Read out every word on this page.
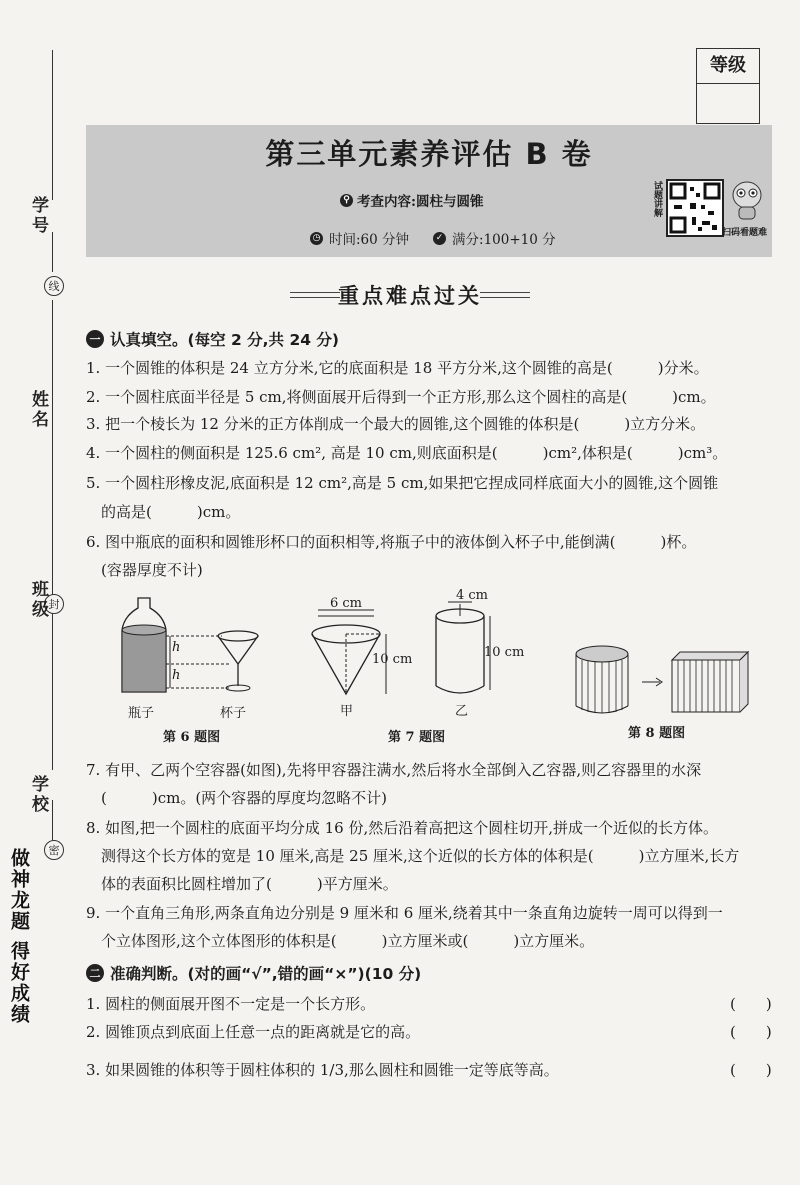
学号
线
姓名
封
班级
学校
密
做神龙题 得好成绩
等级
第三单元素养评估 B 卷
⚲ 考查内容:圆柱与圆锥
◷ 时间:60 分钟	✓ 满分:100+10 分
试题讲解
扫码看题难
重点难点过关
一 认真填空。(每空 2 分,共 24 分)
1. 一个圆锥的体积是 24 立方分米,它的底面积是 18 平方分米,这个圆锥的高是(　　　)分米。
2. 一个圆柱底面半径是 5 cm,将侧面展开后得到一个正方形,那么这个圆柱的高是(　　　)cm。
3. 把一个棱长为 12 分米的正方体削成一个最大的圆锥,这个圆锥的体积是(　　　)立方分米。
4. 一个圆柱的侧面积是 125.6 cm², 高是 10 cm,则底面积是(　　　)cm²,体积是(　　　)cm³。
5. 一个圆柱形橡皮泥,底面积是 12 cm²,高是 5 cm,如果把它捏成同样底面大小的圆锥,这个圆锥
　的高是(　　　)cm。
6. 图中瓶底的面积和圆锥形杯口的面积相等,将瓶子中的液体倒入杯子中,能倒满(　　　)杯。
　(容器厚度不计)
h
h
瓶子	杯子
第 6 题图
6 cm
10 cm
4 cm
10 cm
甲	乙
第 7 题图	第 8 题图
7. 有甲、乙两个空容器(如图),先将甲容器注满水,然后将水全部倒入乙容器,则乙容器里的水深
　(　　　)cm。(两个容器的厚度均忽略不计)
8. 如图,把一个圆柱的底面平均分成 16 份,然后沿着高把这个圆柱切开,拼成一个近似的长方体。
　测得这个长方体的宽是 10 厘米,高是 25 厘米,这个近似的长方体的体积是(　　　)立方厘米,长方
　体的表面积比圆柱增加了(　　　)平方厘米。
9. 一个直角三角形,两条直角边分别是 9 厘米和 6 厘米,绕着其中一条直角边旋转一周可以得到一
　个立体图形,这个立体图形的体积是(　　　)立方厘米或(　　　)立方厘米。
二 准确判断。(对的画“√”,错的画“×”)(10 分)
1. 圆柱的侧面展开图不一定是一个长方形。	(　　)
2. 圆锥顶点到底面上任意一点的距离就是它的高。	(　　)
3. 如果圆锥的体积等于圆柱体积的 1/3,那么圆柱和圆锥一定等底等高。	(　　)
